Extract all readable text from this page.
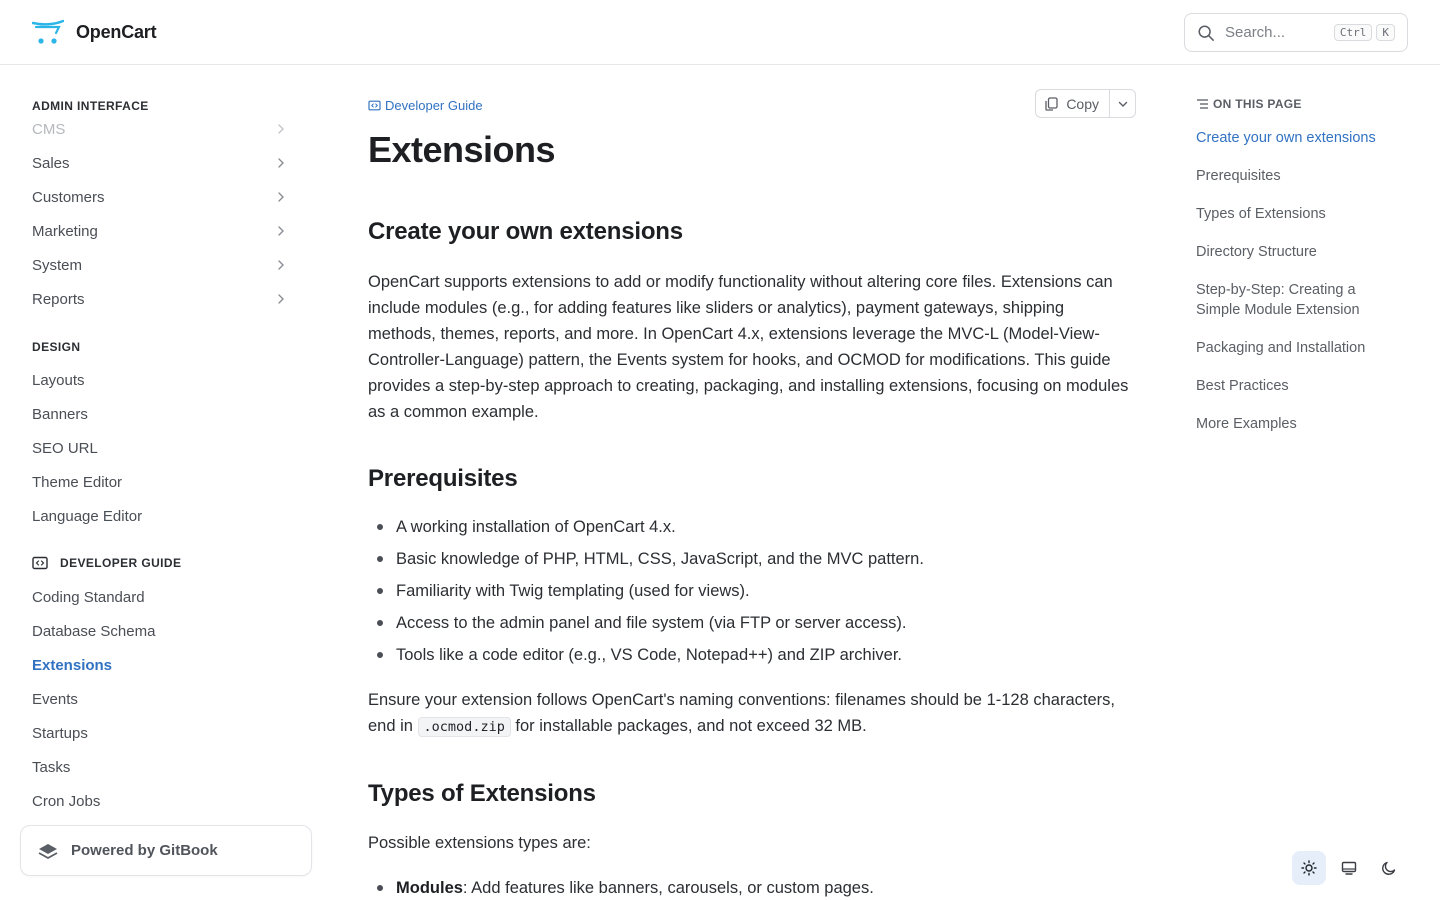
OpenCart	Search...	Ctrl	K
ADMIN INTERFACE
CMS
Sales
Customers
Marketing
System
Reports
DESIGN
Layouts
Banners
SEO URL
Theme Editor
Language Editor
DEVELOPER GUIDE
Coding Standard
Database Schema
Extensions
Events
Startups
Tasks
Cron Jobs
Powered by GitBook
Developer Guide	Copy
Extensions
Create your own extensions

OpenCart supports extensions to add or modify functionality without altering core files. Extensions can include modules (e.g., for adding features like sliders or analytics), payment gateways, shipping methods, themes, reports, and more. In OpenCart 4.x, extensions leverage the MVC-L (Model-View-Controller-Language) pattern, the Events system for hooks, and OCMOD for modifications. This guide provides a step-by-step approach to creating, packaging, and installing extensions, focusing on modules as a common example.

Prerequisites
A working installation of OpenCart 4.x.
Basic knowledge of PHP, HTML, CSS, JavaScript, and the MVC pattern.
Familiarity with Twig templating (used for views).
Access to the admin panel and file system (via FTP or server access).
Tools like a code editor (e.g., VS Code, Notepad++) and ZIP archiver.

Ensure your extension follows OpenCart's naming conventions: filenames should be 1-128 characters, end in .ocmod.zip for installable packages, and not exceed 32 MB.

Types of Extensions

Possible extensions types are:

Modules: Add features like banners, carousels, or custom pages.
ON THIS PAGE
Create your own extensions
Prerequisites
Types of Extensions
Directory Structure
Step-by-Step: Creating a Simple Module Extension
Packaging and Installation
Best Practices
More Examples
